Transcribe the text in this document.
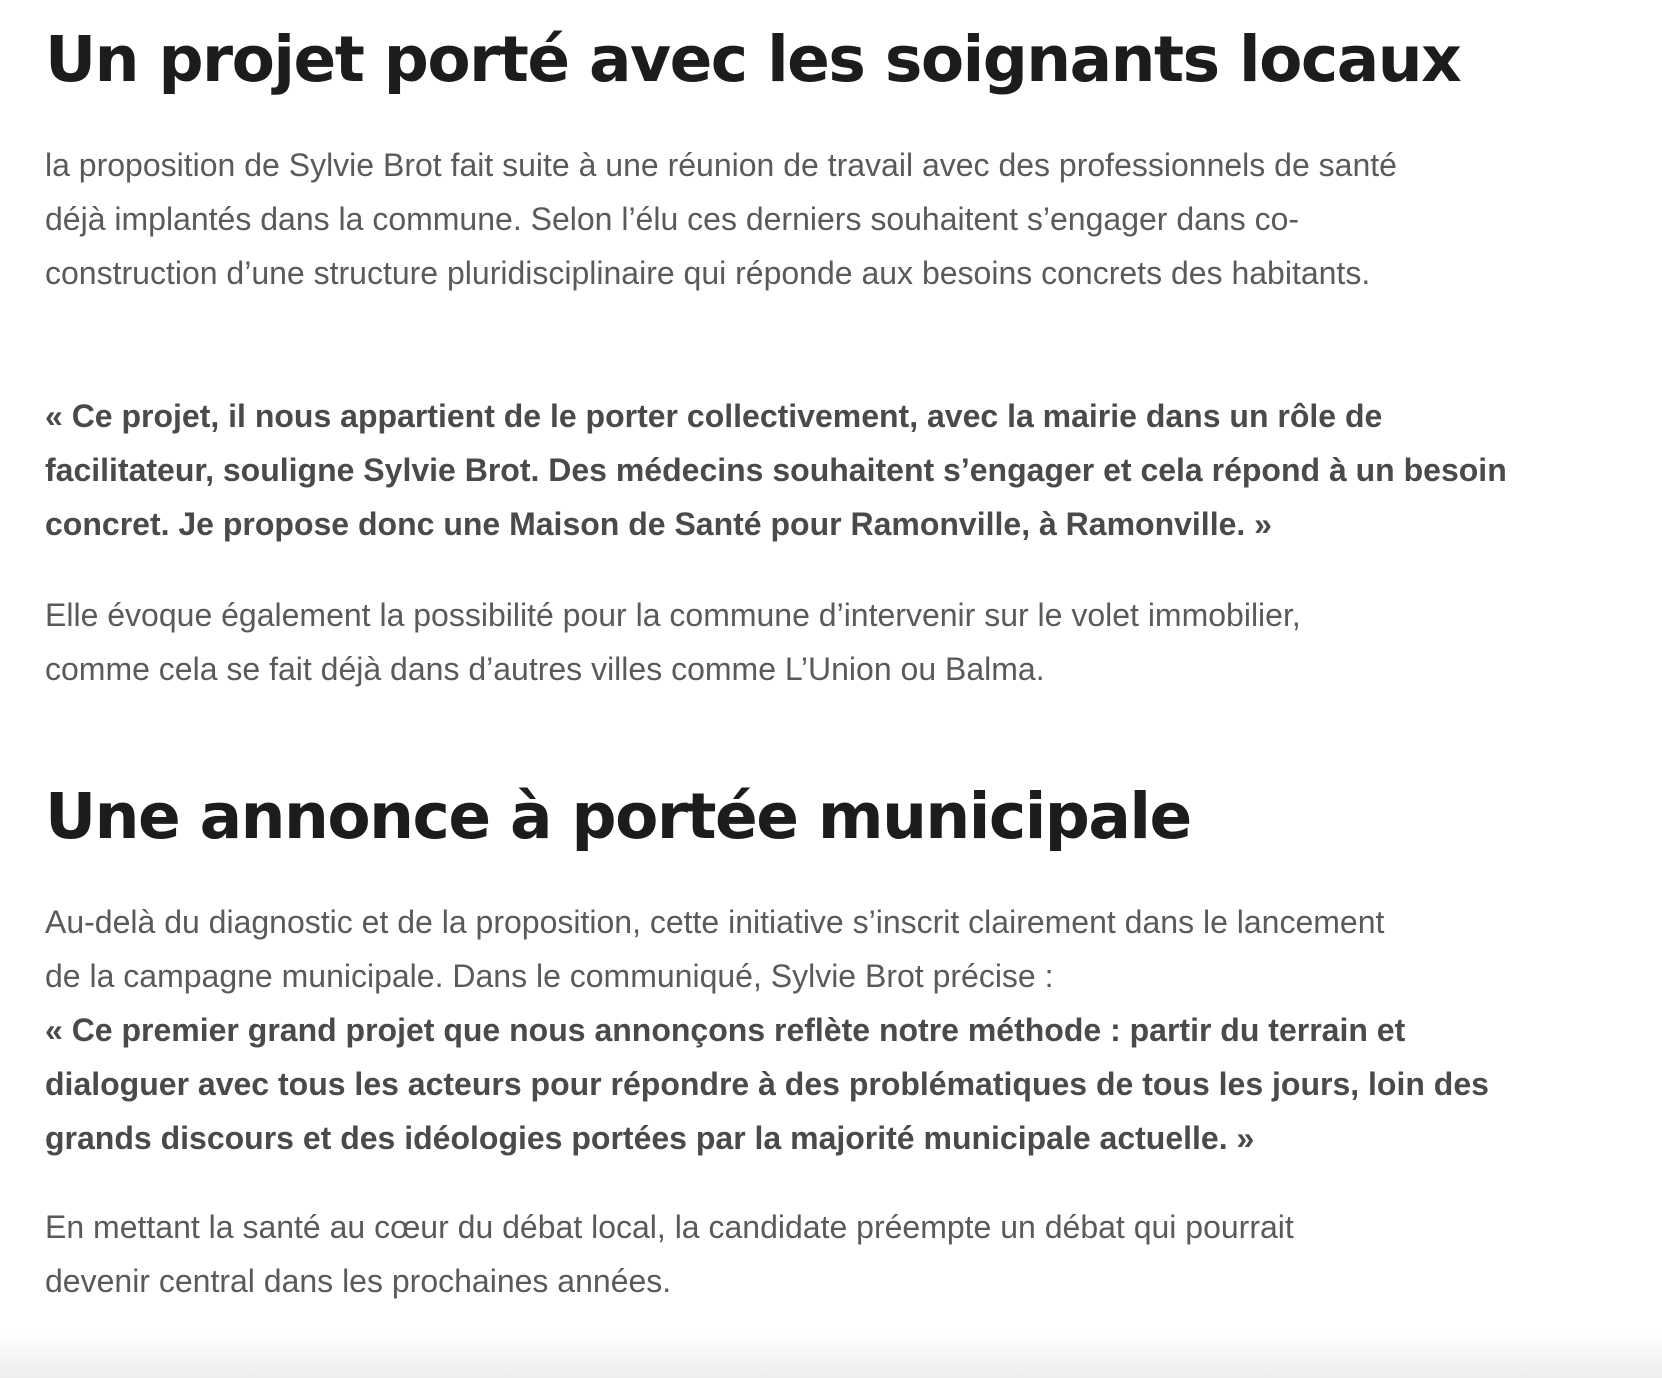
Un projet porté avec les soignants locaux

la proposition de Sylvie Brot fait suite à une réunion de travail avec des professionnels de santé
déjà implantés dans la commune. Selon l’élu ces derniers souhaitent s’engager dans co-
construction d’une structure pluridisciplinaire qui réponde aux besoins concrets des habitants.

« Ce projet, il nous appartient de le porter collectivement, avec la mairie dans un rôle de
facilitateur, souligne Sylvie Brot. Des médecins souhaitent s’engager et cela répond à un besoin
concret. Je propose donc une Maison de Santé pour Ramonville, à Ramonville. »

Elle évoque également la possibilité pour la commune d’intervenir sur le volet immobilier,
comme cela se fait déjà dans d’autres villes comme L’Union ou Balma.

Une annonce à portée municipale

Au-delà du diagnostic et de la proposition, cette initiative s’inscrit clairement dans le lancement
de la campagne municipale. Dans le communiqué, Sylvie Brot précise :
« Ce premier grand projet que nous annonçons reflète notre méthode : partir du terrain et
dialoguer avec tous les acteurs pour répondre à des problématiques de tous les jours, loin des
grands discours et des idéologies portées par la majorité municipale actuelle. »

En mettant la santé au cœur du débat local, la candidate préempte un débat qui pourrait
devenir central dans les prochaines années.
